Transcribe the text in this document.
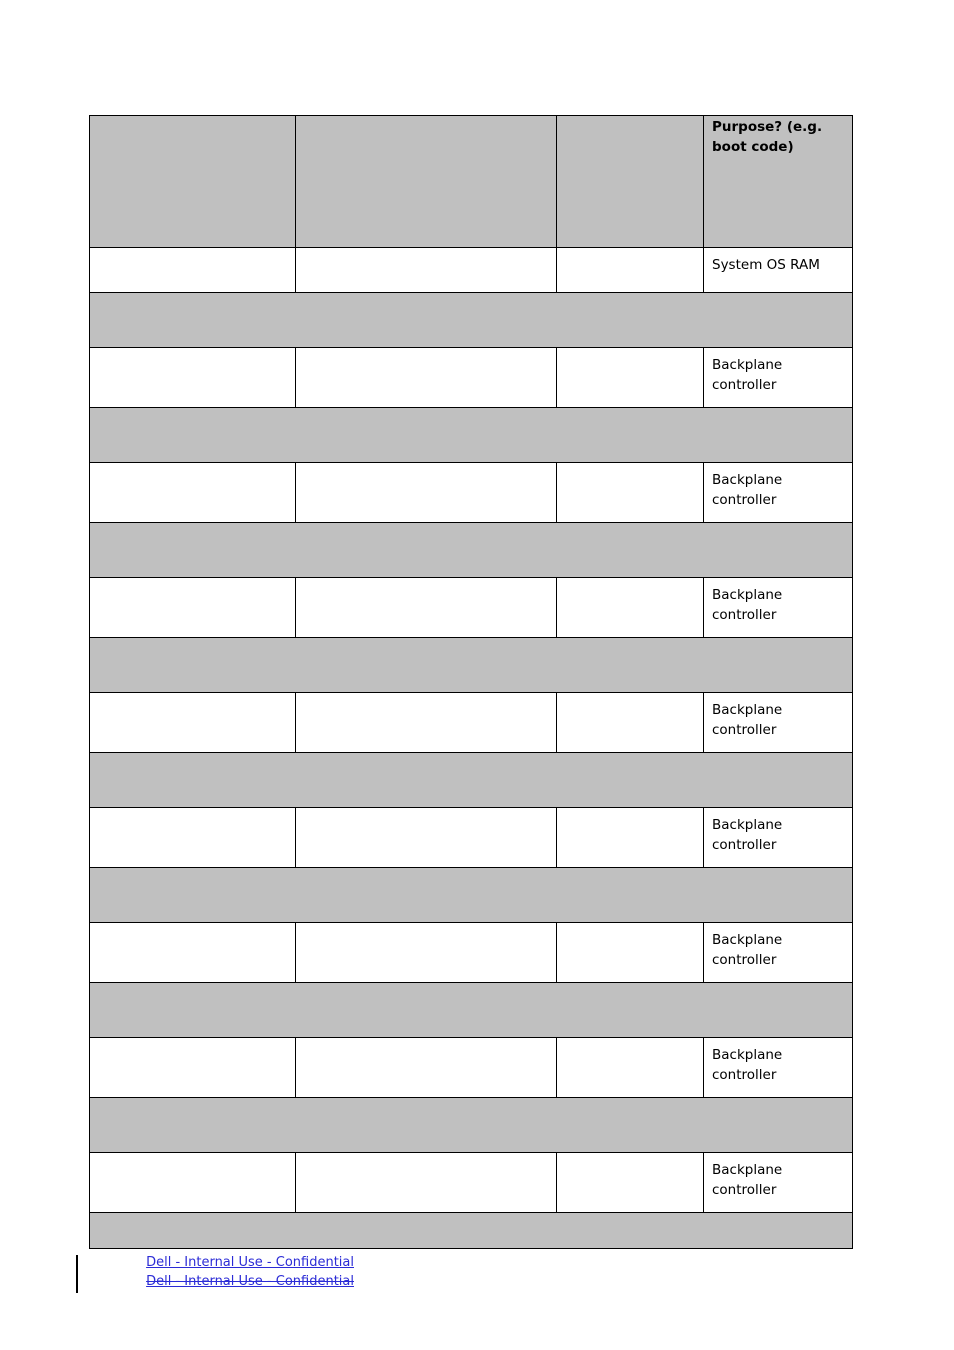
			Purpose? (e.g. boot code)

			System OS RAM

			Backplane controller

			Backplane controller

			Backplane controller

			Backplane controller

			Backplane controller

			Backplane controller

			Backplane controller

			Backplane controller

Dell - Internal Use - Confidential
Dell - Internal Use - Confidential
